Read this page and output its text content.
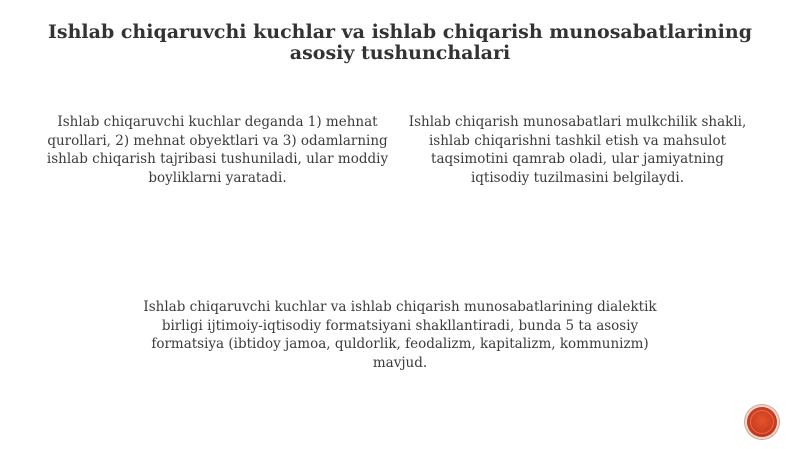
Ishlab chiqaruvchi kuchlar va ishlab chiqarish munosabatlarining asosiy tushunchalari

Ishlab chiqaruvchi kuchlar deganda 1) mehnat qurollari, 2) mehnat obyektlari va 3) odamlarning ishlab chiqarish tajribasi tushuniladi, ular moddiy boyliklarni yaratadi.

Ishlab chiqarish munosabatlari mulkchilik shakli, ishlab chiqarishni tashkil etish va mahsulot taqsimotini qamrab oladi, ular jamiyatning iqtisodiy tuzilmasini belgilaydi.

Ishlab chiqaruvchi kuchlar va ishlab chiqarish munosabatlarining dialektik birligi ijtimoiy-iqtisodiy formatsiyani shakllantiradi, bunda 5 ta asosiy formatsiya (ibtidoy jamoa, quldorlik, feodalizm, kapitalizm, kommunizm) mavjud.
